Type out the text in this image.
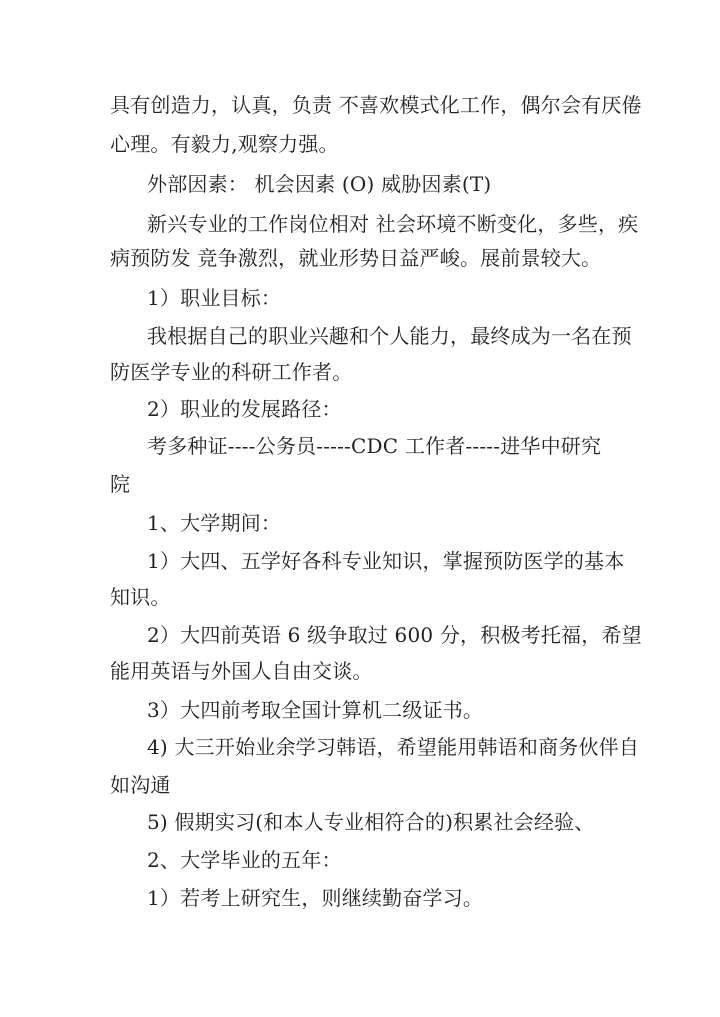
具有创造力，认真，负责 不喜欢模式化工作，偶尔会有厌倦
心理。有毅力,观察力强。
外部因素： 机会因素 (O) 威胁因素(T)
新兴专业的工作岗位相对 社会环境不断变化，多些，疾
病预防发 竞争激烈，就业形势日益严峻。展前景较大。
1）职业目标：
我根据自己的职业兴趣和个人能力，最终成为一名在预
防医学专业的科研工作者。
2）职业的发展路径：
考多种证----公务员-----CDC 工作者-----进华中研究
院
1、大学期间：
1）大四、五学好各科专业知识，掌握预防医学的基本
知识。
2）大四前英语 6 级争取过 600 分，积极考托福，希望
能用英语与外国人自由交谈。
3）大四前考取全国计算机二级证书。
4) 大三开始业余学习韩语，希望能用韩语和商务伙伴自
如沟通
5) 假期实习(和本人专业相符合的)积累社会经验、
2、大学毕业的五年：
1）若考上研究生，则继续勤奋学习。
